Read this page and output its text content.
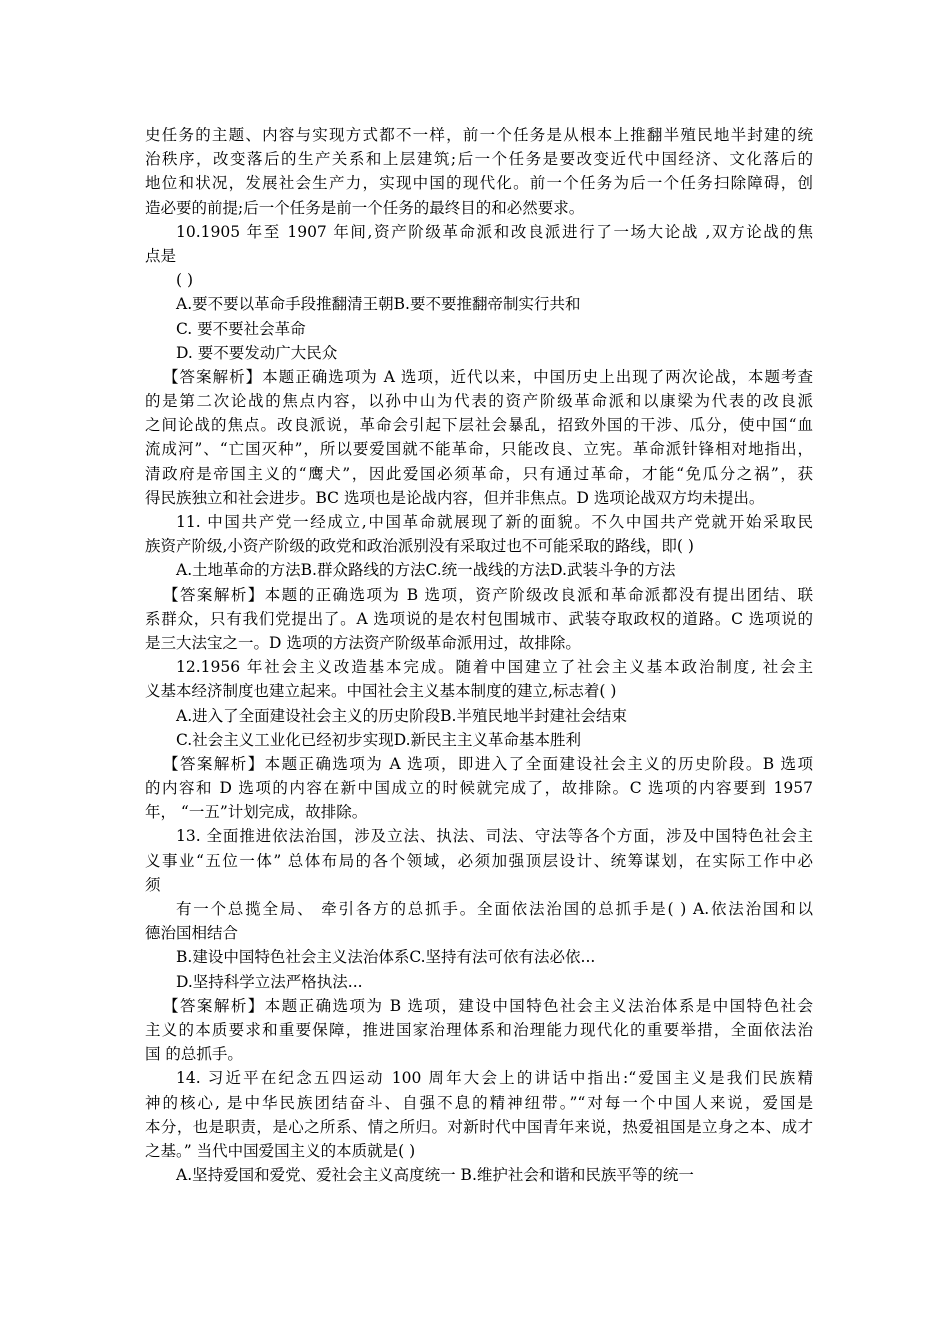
史任务的主题、内容与实现方式都不一样，前一个任务是从根本上推翻半殖民地半封建的统
治秩序，改变落后的生产关系和上层建筑;后一个任务是要改变近代中国经济、文化落后的
地位和状况，发展社会生产力，实现中国的现代化。前一个任务为后一个任务扫除障碍，创
造必要的前提;后一个任务是前一个任务的最终目的和必然要求。
10.1905 年至 1907 年间,资产阶级革命派和改良派进行了一场大论战 ,双方论战的焦
点是
( )
A.要不要以革命手段推翻清王朝B.要不要推翻帝制实行共和
C. 要不要社会革命
D. 要不要发动广大民众
【答案解析】本题正确选项为 A 选项，近代以来，中国历史上出现了两次论战，本题考查
的是第二次论战的焦点内容，以孙中山为代表的资产阶级革命派和以康梁为代表的改良派
之间论战的焦点。改良派说，革命会引起下层社会暴乱，招致外国的干涉、瓜分，使中国“血
流成河”、“亡国灭种”，所以要爱国就不能革命，只能改良、立宪。革命派针锋相对地指出，
清政府是帝国主义的“鹰犬”，因此爱国必须革命，只有通过革命，才能“免瓜分之祸”，获
得民族独立和社会进步。BC 选项也是论战内容，但并非焦点。D 选项论战双方均未提出。
11. 中国共产党一经成立,中国革命就展现了新的面貌。不久中国共产党就开始采取民
族资产阶级,小资产阶级的政党和政治派别没有采取过也不可能采取的路线，即( )
A.土地革命的方法B.群众路线的方法C.统一战线的方法D.武装斗争的方法
【答案解析】本题的正确选项为 B 选项，资产阶级改良派和革命派都没有提出团结、联
系群众，只有我们党提出了。A 选项说的是农村包围城市、武装夺取政权的道路。C 选项说的
是三大法宝之一。D 选项的方法资产阶级革命派用过，故排除。
12.1956 年社会主义改造基本完成。随着中国建立了社会主义基本政治制度, 社会主
义基本经济制度也建立起来。中国社会主义基本制度的建立,标志着( )
A.进入了全面建设社会主义的历史阶段B.半殖民地半封建社会结束
C.社会主义工业化已经初步实现D.新民主主义革命基本胜利
【答案解析】本题正确选项为 A 选项，即进入了全面建设社会主义的历史阶段。B 选项
的内容和 D 选项的内容在新中国成立的时候就完成了，故排除。C 选项的内容要到 1957
年， “一五”计划完成，故排除。
13. 全面推进依法治国，涉及立法、执法、司法、守法等各个方面，涉及中国特色社会主
义事业“五位一体” 总体布局的各个领域，必须加强顶层设计、统筹谋划，在实际工作中必
须
有一个总揽全局、 牵引各方的总抓手。全面依法治国的总抓手是( ) A.依法治国和以
德治国相结合
B.建设中国特色社会主义法治体系C.坚持有法可依有法必依...
D.坚持科学立法严格执法...
【答案解析】本题正确选项为 B 选项，建设中国特色社会主义法治体系是中国特色社会
主义的本质要求和重要保障，推进国家治理体系和治理能力现代化的重要举措，全面依法治
国 的总抓手。
14. 习近平在纪念五四运动 100 周年大会上的讲话中指出:“爱国主义是我们民族精
神的核心, 是中华民族团结奋斗、自强不息的精神纽带。”“对每一个中国人来说，爱国是
本分，也是职责，是心之所系、情之所归。对新时代中国青年来说，热爱祖国是立身之本、成才
之基。” 当代中国爱国主义的本质就是( )
A.坚持爱国和爱党、爱社会主义高度统一 B.维护社会和谐和民族平等的统一
